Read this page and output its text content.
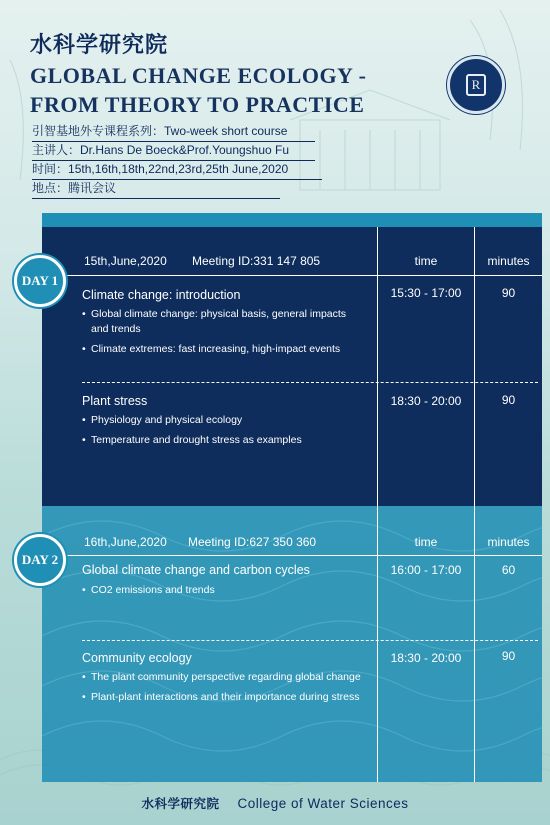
水科学研究院
GLOBAL CHANGE ECOLOGY -
FROM THEORY TO PRACTICE
R
引智基地外专课程系列：Two-week short course
主讲人：Dr.Hans De Boeck&Prof.Youngshuo Fu
时间：15th,16th,18th,22nd,23rd,25th June,2020
地点：腾讯会议
15th,June,2020 Meeting ID:331 147 805	time	minutes
Climate change: introduction
• Global climate change: physical basis, general impacts and trends
• Climate extremes: fast increasing, high-impact events
15:30 - 17:00	90
Plant stress
• Physiology and physical ecology
• Temperature and drought stress as examples
18:30 - 20:00	90
16th,June,2020 Meeting ID:627 350 360	time	minutes
Global climate change and carbon cycles
• CO2 emissions and trends
16:00 - 17:00	60
Community ecology
• The plant community perspective regarding global change
• Plant-plant interactions and their importance during stress
18:30 - 20:00	90
DAY 1
DAY 2
水科学研究院 College of Water Sciences
